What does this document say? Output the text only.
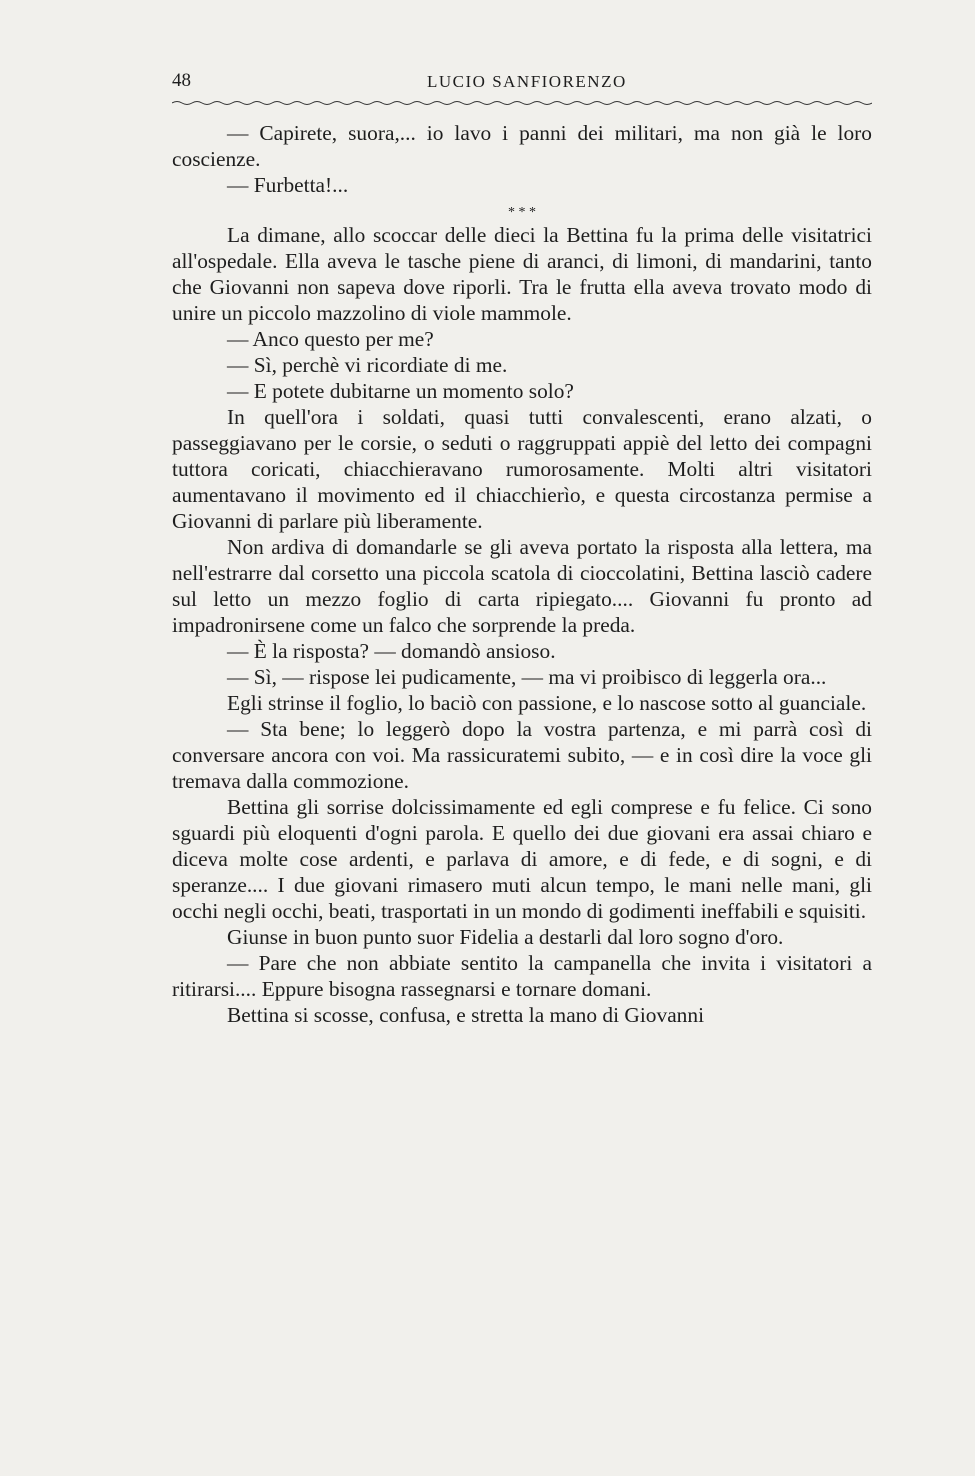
48	LUCIO SANFIORENZO

— Capirete, suora,... io lavo i panni dei militari, ma non già le loro coscienze.

— Furbetta!...

* * *

La dimane, allo scoccar delle dieci la Bettina fu la prima delle visitatrici all'ospedale. Ella aveva le tasche piene di aranci, di limoni, di mandarini, tanto che Giovanni non sapeva dove riporli. Tra le frutta ella aveva trovato modo di unire un piccolo mazzolino di viole mammole.

— Anco questo per me?

— Sì, perchè vi ricordiate di me.

— E potete dubitarne un momento solo?

In quell'ora i soldati, quasi tutti convalescenti, erano alzati, o passeggiavano per le corsie, o seduti o raggruppati appiè del letto dei compagni tuttora coricati, chiacchieravano rumorosamente. Molti altri visitatori aumentavano il movimento ed il chiacchierìo, e questa circostanza permise a Giovanni di parlare più liberamente.

Non ardiva di domandarle se gli aveva portato la risposta alla lettera, ma nell'estrarre dal corsetto una piccola scatola di cioccolatini, Bettina lasciò cadere sul letto un mezzo foglio di carta ripiegato.... Giovanni fu pronto ad impadronirsene come un falco che sorprende la preda.

— È la risposta? — domandò ansioso.

— Sì, — rispose lei pudicamente, — ma vi proibisco di leggerla ora...

Egli strinse il foglio, lo baciò con passione, e lo nascose sotto al guanciale.

— Sta bene; lo leggerò dopo la vostra partenza, e mi parrà così di conversare ancora con voi. Ma rassicuratemi subito, — e in così dire la voce gli tremava dalla commozione.

Bettina gli sorrise dolcissimamente ed egli comprese e fu felice. Ci sono sguardi più eloquenti d'ogni parola. E quello dei due giovani era assai chiaro e diceva molte cose ardenti, e parlava di amore, e di fede, e di sogni, e di speranze.... I due giovani rimasero muti alcun tempo, le mani nelle mani, gli occhi negli occhi, beati, trasportati in un mondo di godimenti ineffabili e squisiti.

Giunse in buon punto suor Fidelia a destarli dal loro sogno d'oro.

— Pare che non abbiate sentito la campanella che invita i visitatori a ritirarsi.... Eppure bisogna rassegnarsi e tornare domani.

Bettina si scosse, confusa, e stretta la mano di Giovanni
